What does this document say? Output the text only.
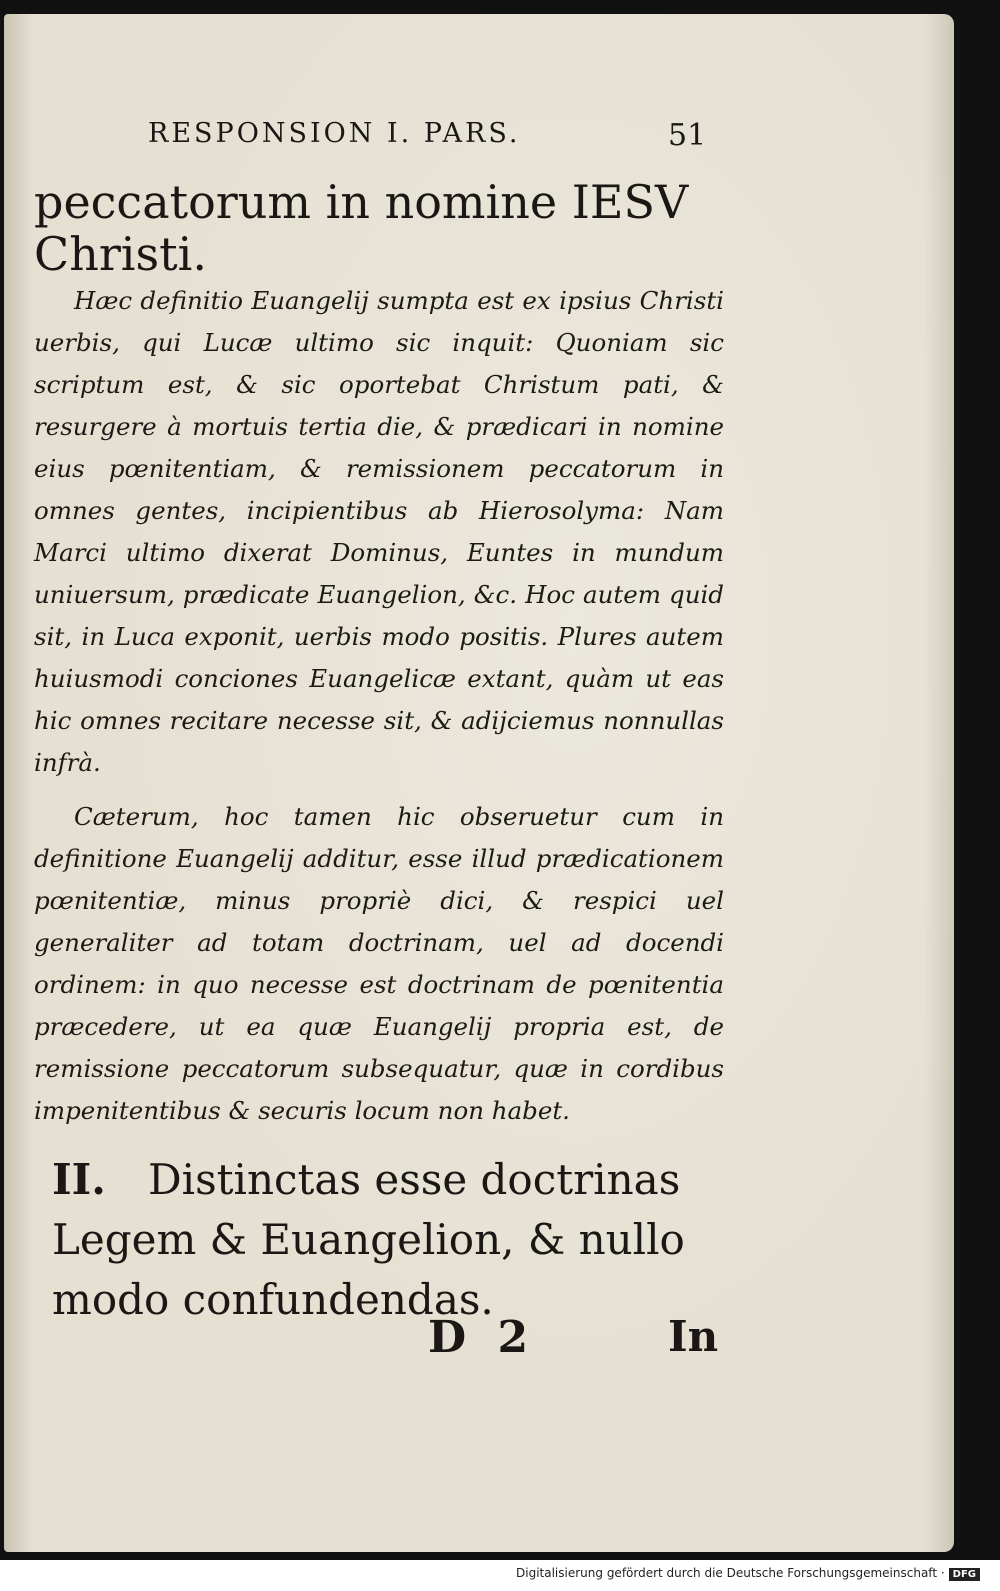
RESPONSION I. PARS.	51
peccatorum in nomine IESV
Christi.

Hæc definitio Euangelij sumpta est ex ipsius Christi uerbis, qui Lucæ ultimo sic inquit: Quoniam sic scriptum est, & sic oportebat Christum pati, & resurgere à mortuis tertia die, & prædicari in nomine eius pœnitentiam, & remissionem peccatorum in omnes gentes, incipientibus ab Hierosolyma: Nam Marci ultimo dixerat Dominus, Euntes in mundum uniuersum, prædicate Euangelion, &c. Hoc autem quid sit, in Luca exponit, uerbis modo positis. Plures autem huiusmodi conciones Euangelicæ extant, quàm ut eas hic omnes recitare necesse sit, & adijciemus nonnullas infrà.

Cæterum, hoc tamen hic obseruetur cum in definitione Euangelij additur, esse illud prædicationem pœnitentiæ, minus propriè dici, & respici uel generaliter ad totam doctrinam, uel ad docendi ordinem: in quo necesse est doctrinam de pœnitentia præcedere, ut ea quæ Euangelij propria est, de remissione peccatorum subsequatur, quæ in cordibus impenitentibus & securis locum non habet.

II. Distinctas esse doctrinas Legem & Euangelion, & nullo modo confundendas.
D 2	In
Digitalisierung gefördert durch die Deutsche Forschungsgemeinschaft · DFG
